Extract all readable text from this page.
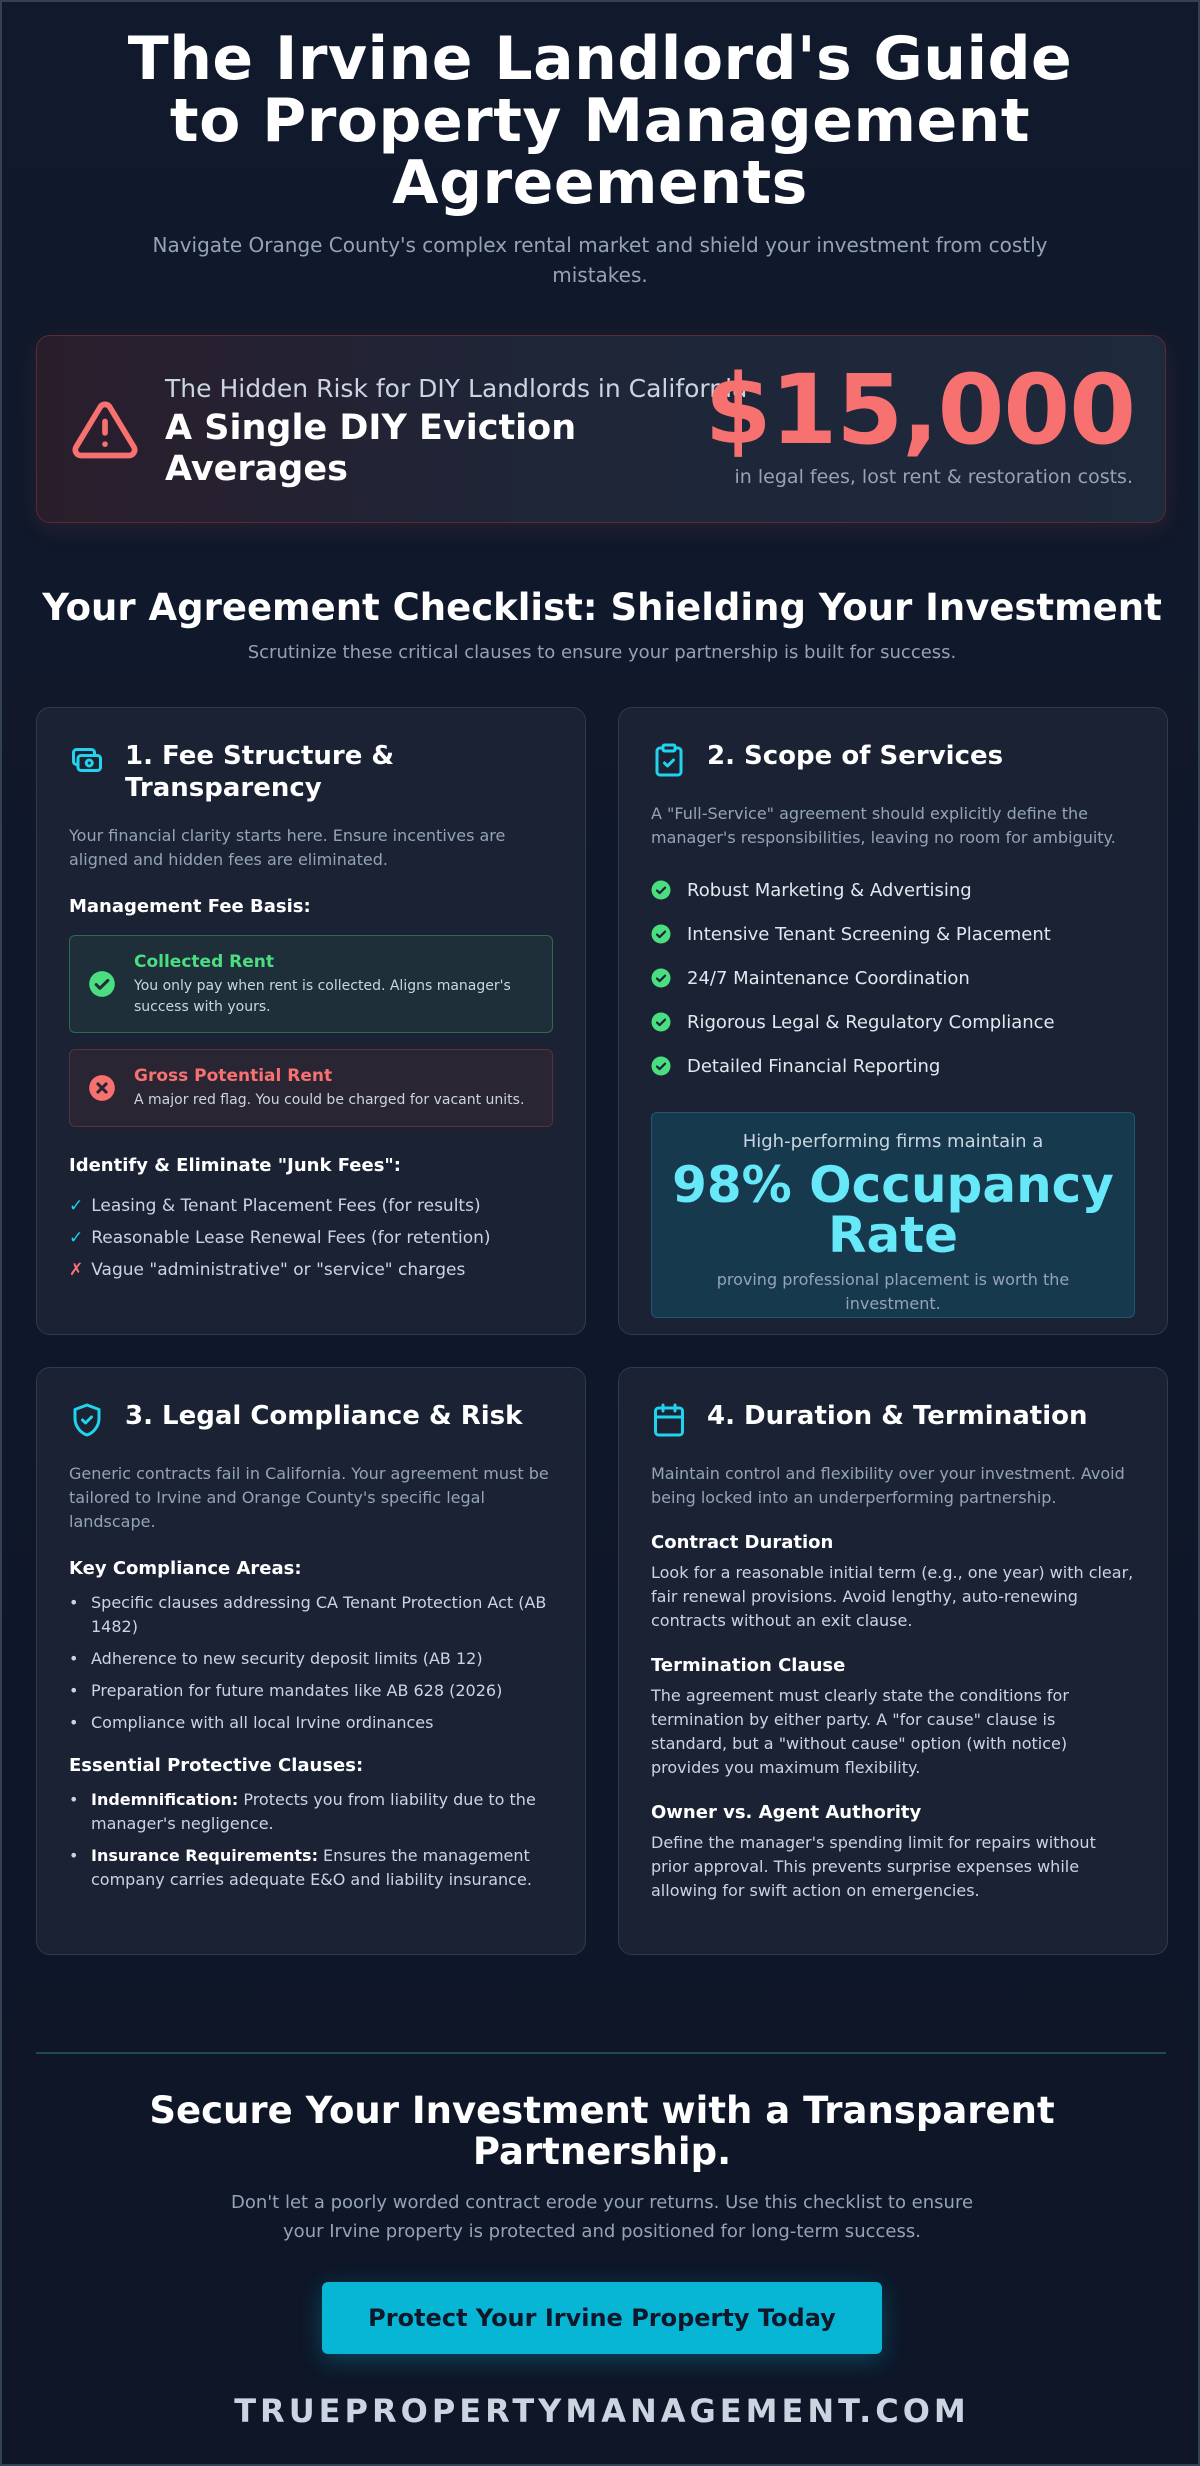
The Irvine Landlord's Guide to Property Management Agreements

Navigate Orange County's complex rental market and shield your investment from costly mistakes.

The Hidden Risk for DIY Landlords in California
A Single DIY Eviction Averages
$15,000
in legal fees, lost rent & restoration costs.
Your Agreement Checklist: Shielding Your Investment

Scrutinize these critical clauses to ensure your partnership is built for success.

1. Fee Structure & Transparency
Your financial clarity starts here. Ensure incentives are aligned and hidden fees are eliminated.
Management Fee Basis:
Collected Rent
You only pay when rent is collected. Aligns manager's success with yours.
Gross Potential Rent
A major red flag. You could be charged for vacant units.
Identify & Eliminate "Junk Fees":
✓ Leasing & Tenant Placement Fees (for results)
✓ Reasonable Lease Renewal Fees (for retention)
✗ Vague "administrative" or "service" charges
2. Scope of Services
A "Full-Service" agreement should explicitly define the manager's responsibilities, leaving no room for ambiguity.
Robust Marketing & Advertising
Intensive Tenant Screening & Placement
24/7 Maintenance Coordination
Rigorous Legal & Regulatory Compliance
Detailed Financial Reporting
High-performing firms maintain a
98% Occupancy Rate
proving professional placement is worth the investment.
3. Legal Compliance & Risk
Generic contracts fail in California. Your agreement must be tailored to Irvine and Orange County's specific legal landscape.
Key Compliance Areas:
• Specific clauses addressing CA Tenant Protection Act (AB 1482)
• Adherence to new security deposit limits (AB 12)
• Preparation for future mandates like AB 628 (2026)
• Compliance with all local Irvine ordinances
Essential Protective Clauses:
• Indemnification: Protects you from liability due to the manager's negligence.
• Insurance Requirements: Ensures the management company carries adequate E&O and liability insurance.
4. Duration & Termination
Maintain control and flexibility over your investment. Avoid being locked into an underperforming partnership.
Contract Duration
Look for a reasonable initial term (e.g., one year) with clear, fair renewal provisions. Avoid lengthy, auto-renewing contracts without an exit clause.
Termination Clause
The agreement must clearly state the conditions for termination by either party. A "for cause" clause is standard, but a "without cause" option (with notice) provides you maximum flexibility.
Owner vs. Agent Authority
Define the manager's spending limit for repairs without prior approval. This prevents surprise expenses while allowing for swift action on emergencies.
Secure Your Investment with a Transparent Partnership.

Don't let a poorly worded contract erode your returns. Use this checklist to ensure your Irvine property is protected and positioned for long-term success.

Protect Your Irvine Property Today
TRUEPROPERTYMANAGEMENT.COM
